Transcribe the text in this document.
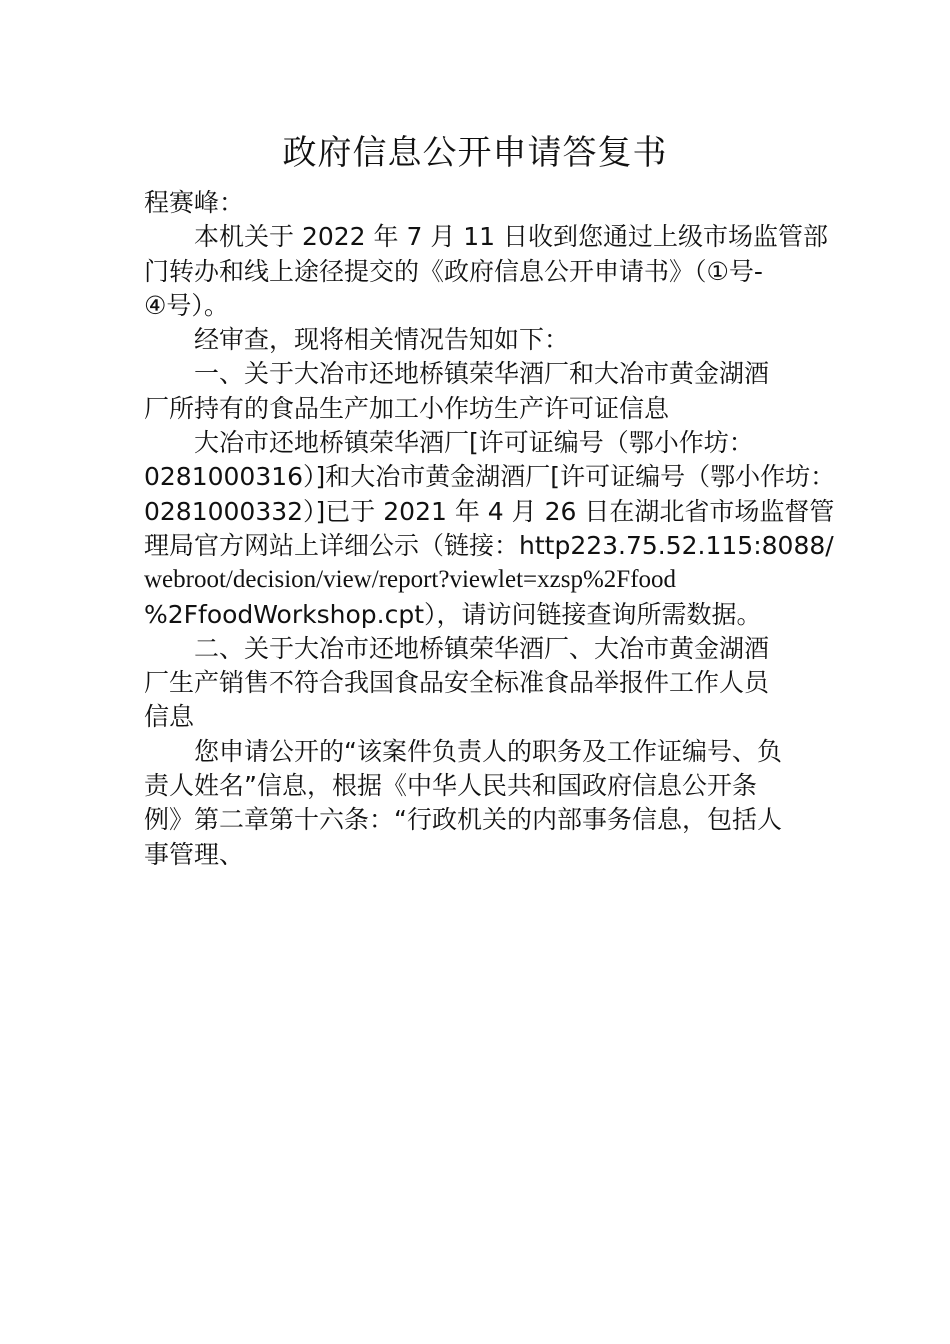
政府信息公开申请答复书

程赛峰：

本机关于 2022 年 7 月 11 日收到您通过上级市场监管部
门转办和线上途径提交的《政府信息公开申请书》（①号-
④号）。

经审查，现将相关情况告知如下：

一、关于大冶市还地桥镇荣华酒厂和大冶市黄金湖酒
厂所持有的食品生产加工小作坊生产许可证信息

大冶市还地桥镇荣华酒厂[许可证编号（鄂小作坊：
0281000316）]和大冶市黄金湖酒厂[许可证编号（鄂小作坊：
0281000332）]已于 2021 年 4 月 26 日在湖北省市场监督管
理局官方网站上详细公示（链接：http223.75.52.115:8088/
webroot/decision/view/report?viewlet=xzsp%2Ffood
%2FfoodWorkshop.cpt），请访问链接查询所需数据。

二、关于大冶市还地桥镇荣华酒厂、大冶市黄金湖酒
厂生产销售不符合我国食品安全标准食品举报件工作人员
信息

您申请公开的“该案件负责人的职务及工作证编号、负
责人姓名”信息，根据《中华人民共和国政府信息公开条
例》第二章第十六条：“行政机关的内部事务信息，包括人
事管理、
